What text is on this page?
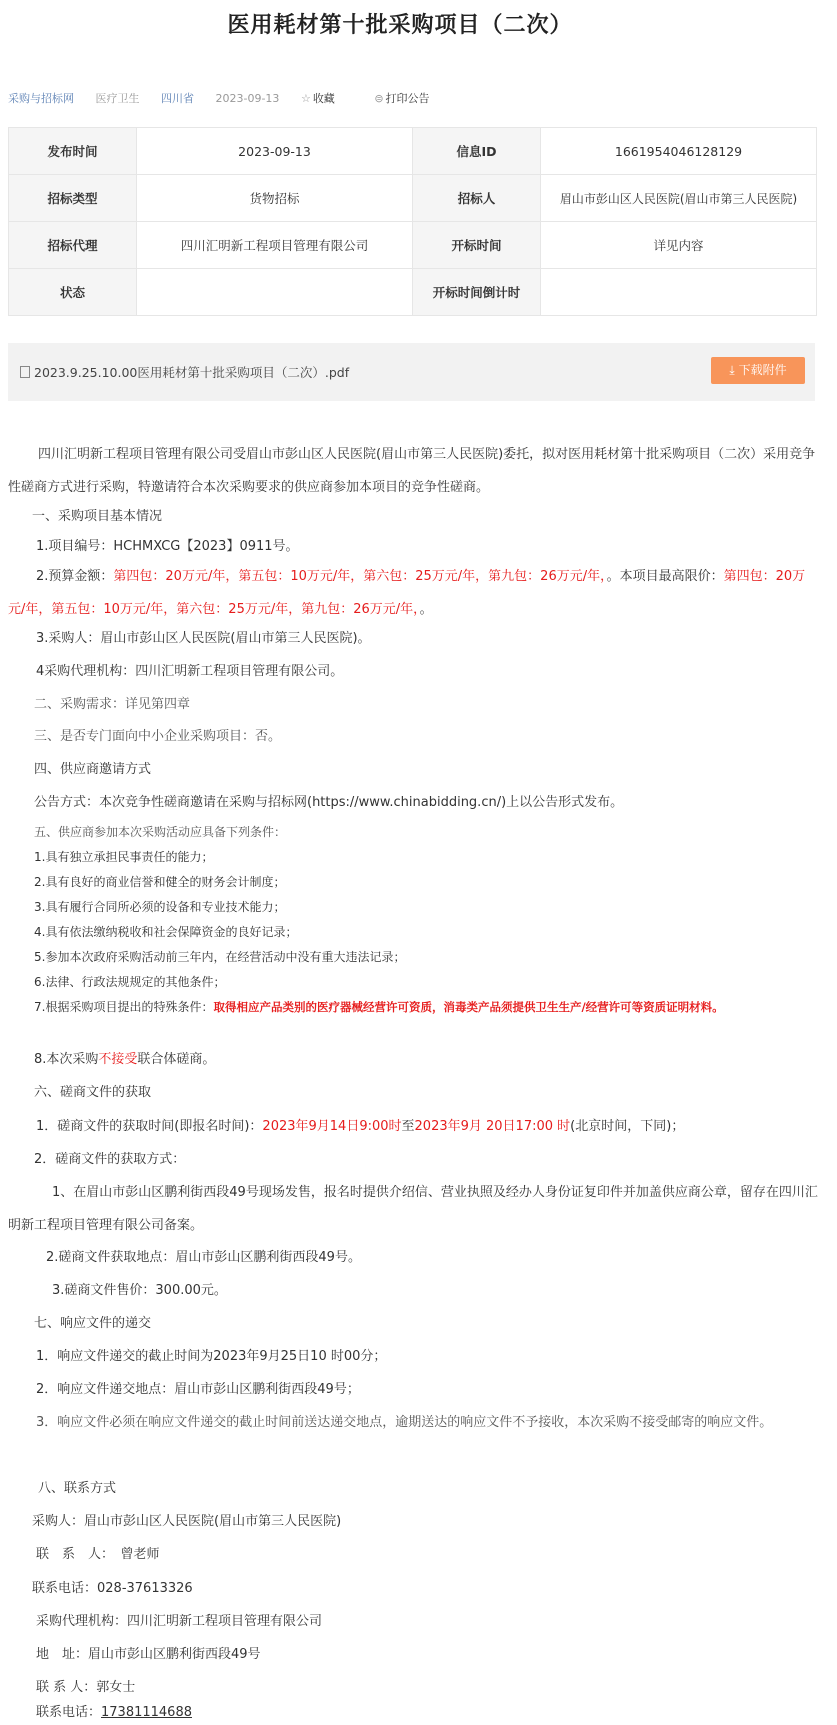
医用耗材第十批采购项目（二次）
采购与招标网 医疗卫生 四川省 2023-09-13 ☆ 收藏	⊜ 打印公告
发布时间	2023-09-13	信息ID	1661954046128129
招标类型	货物招标	招标人	眉山市彭山区人民医院(眉山市第三人民医院)
招标代理	四川汇明新工程项目管理有限公司	开标时间	详见内容
状态		开标时间倒计时	
2023.9.25.10.00医用耗材第十批采购项目（二次）.pdf	⤓ 下载附件
四川汇明新工程项目管理有限公司受眉山市彭山区人民医院(眉山市第三人民医院)委托，拟对医用耗材第十批采购项目（二次）采用竞争性磋商方式进行采购，特邀请符合本次采购要求的供应商参加本项目的竞争性磋商。
一、采购项目基本情况
1.项目编号：HCHMXCG【2023】0911号。
2.预算金额：第四包：20万元/年，第五包：10万元/年，第六包：25万元/年，第九包：26万元/年，。本项目最高限价：第四包：20万元/年，第五包：10万元/年，第六包：25万元/年，第九包：26万元/年，。
3.采购人：眉山市彭山区人民医院(眉山市第三人民医院)。
4采购代理机构：四川汇明新工程项目管理有限公司。
二、采购需求：详见第四章
三、是否专门面向中小企业采购项目：否。
四、供应商邀请方式
公告方式：本次竞争性磋商邀请在采购与招标网(https://www.chinabidding.cn/)上以公告形式发布。
五、供应商参加本次采购活动应具备下列条件：
1.具有独立承担民事责任的能力；
2.具有良好的商业信誉和健全的财务会计制度；
3.具有履行合同所必须的设备和专业技术能力；
4.具有依法缴纳税收和社会保障资金的良好记录；
5.参加本次政府采购活动前三年内，在经营活动中没有重大违法记录；
6.法律、行政法规规定的其他条件；
7.根据采购项目提出的特殊条件：取得相应产品类别的医疗器械经营许可资质，消毒类产品须提供卫生生产/经营许可等资质证明材料。
8.本次采购不接受联合体磋商。
六、磋商文件的获取
1．磋商文件的获取时间(即报名时间)：2023年9月14日9:00时至2023年9月 20日17:00 时(北京时间，下同)；
2．磋商文件的获取方式：
1、在眉山市彭山区鹏利街西段49号现场发售，报名时提供介绍信、营业执照及经办人身份证复印件并加盖供应商公章，留存在四川汇明新工程项目管理有限公司备案。
2.磋商文件获取地点：眉山市彭山区鹏利街西段49号。
3.磋商文件售价：300.00元。
七、响应文件的递交
1．响应文件递交的截止时间为2023年9月25日10 时00分；
2．响应文件递交地点：眉山市彭山区鹏利街西段49号；
3．响应文件必须在响应文件递交的截止时间前送达递交地点，逾期送达的响应文件不予接收，本次采购不接受邮寄的响应文件。
八、联系方式
采购人：眉山市彭山区人民医院(眉山市第三人民医院)
联　系　人：　曾老师
联系电话：028-37613326
采购代理机构：四川汇明新工程项目管理有限公司
地　址：眉山市彭山区鹏利街西段49号
联 系 人：郭女士
联系电话：17381114688
